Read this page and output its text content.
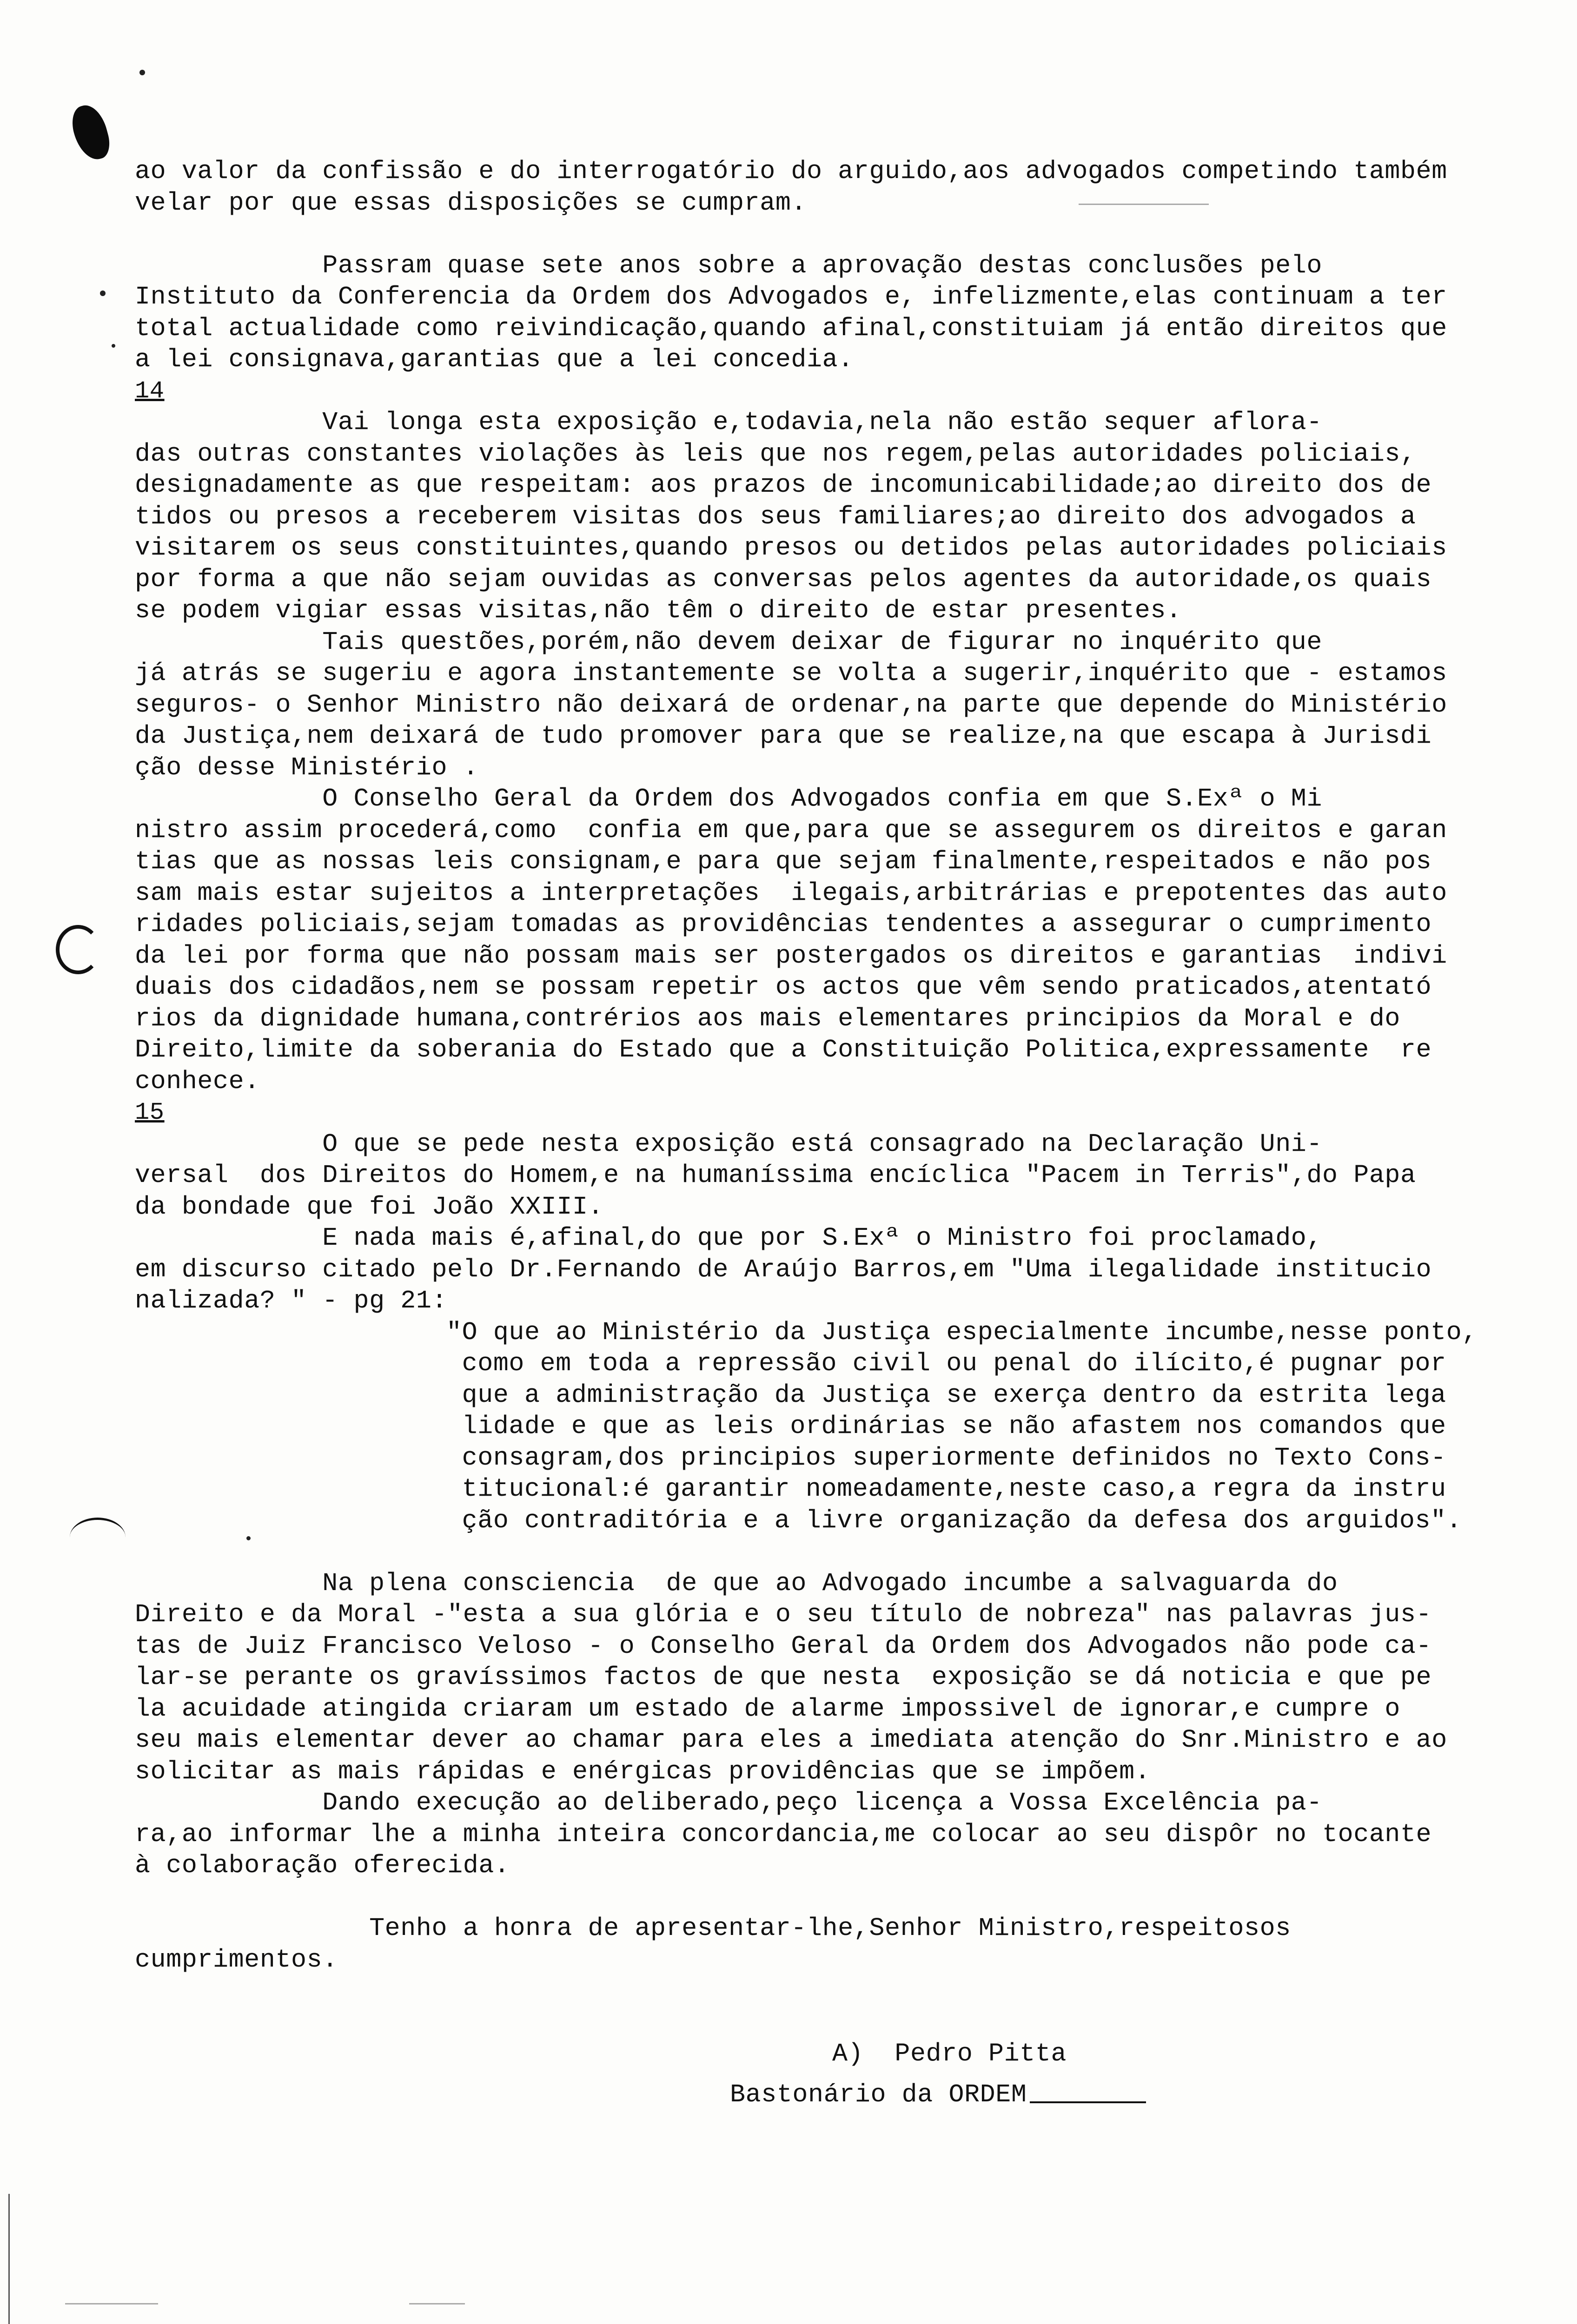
ao valor da confissão e do interrogatório do arguido,aos advogados competindo também
velar por que essas disposições se cumpram.
Passram quase sete anos sobre a aprovação destas conclusões pelo
Instituto da Conferencia da Ordem dos Advogados e, infelizmente,elas continuam a ter
total actualidade como reivindicação,quando afinal,constituiam já então direitos que
a lei consignava,garantias que a lei concedia.
14
Vai longa esta exposição e,todavia,nela não estão sequer aflora-
das outras constantes violações às leis que nos regem,pelas autoridades policiais,
designadamente as que respeitam: aos prazos de incomunicabilidade;ao direito dos de
tidos ou presos a receberem visitas dos seus familiares;ao direito dos advogados a
visitarem os seus constituintes,quando presos ou detidos pelas autoridades policiais
por forma a que não sejam ouvidas as conversas pelos agentes da autoridade,os quais
se podem vigiar essas visitas,não têm o direito de estar presentes.
Tais questões,porém,não devem deixar de figurar no inquérito que
já atrás se sugeriu e agora instantemente se volta a sugerir,inquérito que - estamos
seguros- o Senhor Ministro não deixará de ordenar,na parte que depende do Ministério
da Justiça,nem deixará de tudo promover para que se realize,na que escapa à Jurisdi
ção desse Ministério .
O Conselho Geral da Ordem dos Advogados confia em que S.Exª o Mi
nistro assim procederá,como  confia em que,para que se assegurem os direitos e garan
tias que as nossas leis consignam,e para que sejam finalmente,respeitados e não pos
sam mais estar sujeitos a interpretações  ilegais,arbitrárias e prepotentes das auto
ridades policiais,sejam tomadas as providências tendentes a assegurar o cumprimento
da lei por forma que não possam mais ser postergados os direitos e garantias  indivi
duais dos cidadãos,nem se possam repetir os actos que vêm sendo praticados,atentató
rios da dignidade humana,contrérios aos mais elementares principios da Moral e do
Direito,limite da soberania do Estado que a Constituição Politica,expressamente  re
conhece.
15
O que se pede nesta exposição está consagrado na Declaração Uni-
versal  dos Direitos do Homem,e na humaníssima encíclica "Pacem in Terris",do Papa
da bondade que foi João XXIII.
E nada mais é,afinal,do que por S.Exª o Ministro foi proclamado,
em discurso citado pelo Dr.Fernando de Araújo Barros,em "Uma ilegalidade institucio
nalizada? " - pg 21:
"O que ao Ministério da Justiça especialmente incumbe,nesse ponto,
como em toda a repressão civil ou penal do ilícito,é pugnar por
que a administração da Justiça se exerça dentro da estrita lega
lidade e que as leis ordinárias se não afastem nos comandos que
consagram,dos principios superiormente definidos no Texto Cons-
titucional:é garantir nomeadamente,neste caso,a regra da instru
ção contraditória e a livre organização da defesa dos arguidos".
Na plena consciencia  de que ao Advogado incumbe a salvaguarda do
Direito e da Moral -"esta a sua glória e o seu título de nobreza" nas palavras jus-
tas de Juiz Francisco Veloso - o Conselho Geral da Ordem dos Advogados não pode ca-
lar-se perante os gravíssimos factos de que nesta  exposição se dá noticia e que pe
la acuidade atingida criaram um estado de alarme impossivel de ignorar,e cumpre o
seu mais elementar dever ao chamar para eles a imediata atenção do Snr.Ministro e ao
solicitar as mais rápidas e enérgicas providências que se impõem.
Dando execução ao deliberado,peço licença a Vossa Excelência pa-
ra,ao informar lhe a minha inteira concordancia,me colocar ao seu dispôr no tocante
à colaboração oferecida.
Tenho a honra de apresentar-lhe,Senhor Ministro,respeitosos
cumprimentos.
A)  Pedro Pitta
Bastonário da ORDEM
